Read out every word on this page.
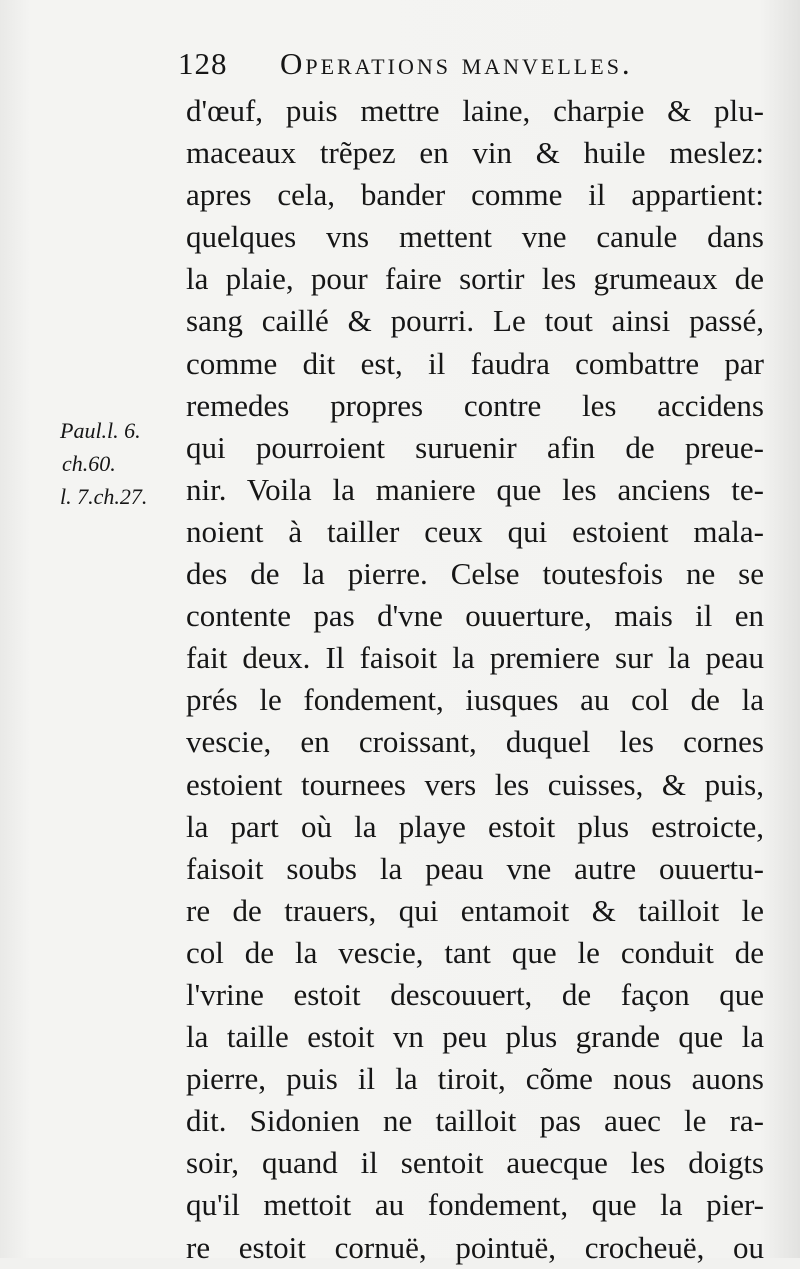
128 Operations manvelles.
d'œuf, puis mettre laine, charpie & plu-
maceaux trẽpez en vin & huile meslez:
apres cela, bander comme il appartient:
quelques vns mettent vne canule dans
la plaie, pour faire sortir les grumeaux de
sang caillé & pourri. Le tout ainsi passé,
comme dit est, il faudra combattre par
remedes propres contre les accidens
qui pourroient suruenir afin de preue-
nir. Voila la maniere que les anciens te-
noient à tailler ceux qui estoient mala-
des de la pierre. Celse toutesfois ne se
contente pas d'vne ouuerture, mais il en
fait deux. Il faisoit la premiere sur la peau
prés le fondement, iusques au col de la
vescie, en croissant, duquel les cornes
estoient tournees vers les cuisses, & puis,
la part où la playe estoit plus estroicte,
faisoit soubs la peau vne autre ouuertu-
re de trauers, qui entamoit & tailloit le
col de la vescie, tant que le conduit de
l'vrine estoit descouuert, de façon que
la taille estoit vn peu plus grande que la
pierre, puis il la tiroit, cõme nous auons
dit. Sidonien ne tailloit pas auec le ra-
soir, quand il sentoit auecque les doigts
qu'il mettoit au fondement, que la pier-
re estoit cornuë, pointuë, crocheuë, ou
Paul.l. 6.
ch.60.
l. 7.ch.27.
